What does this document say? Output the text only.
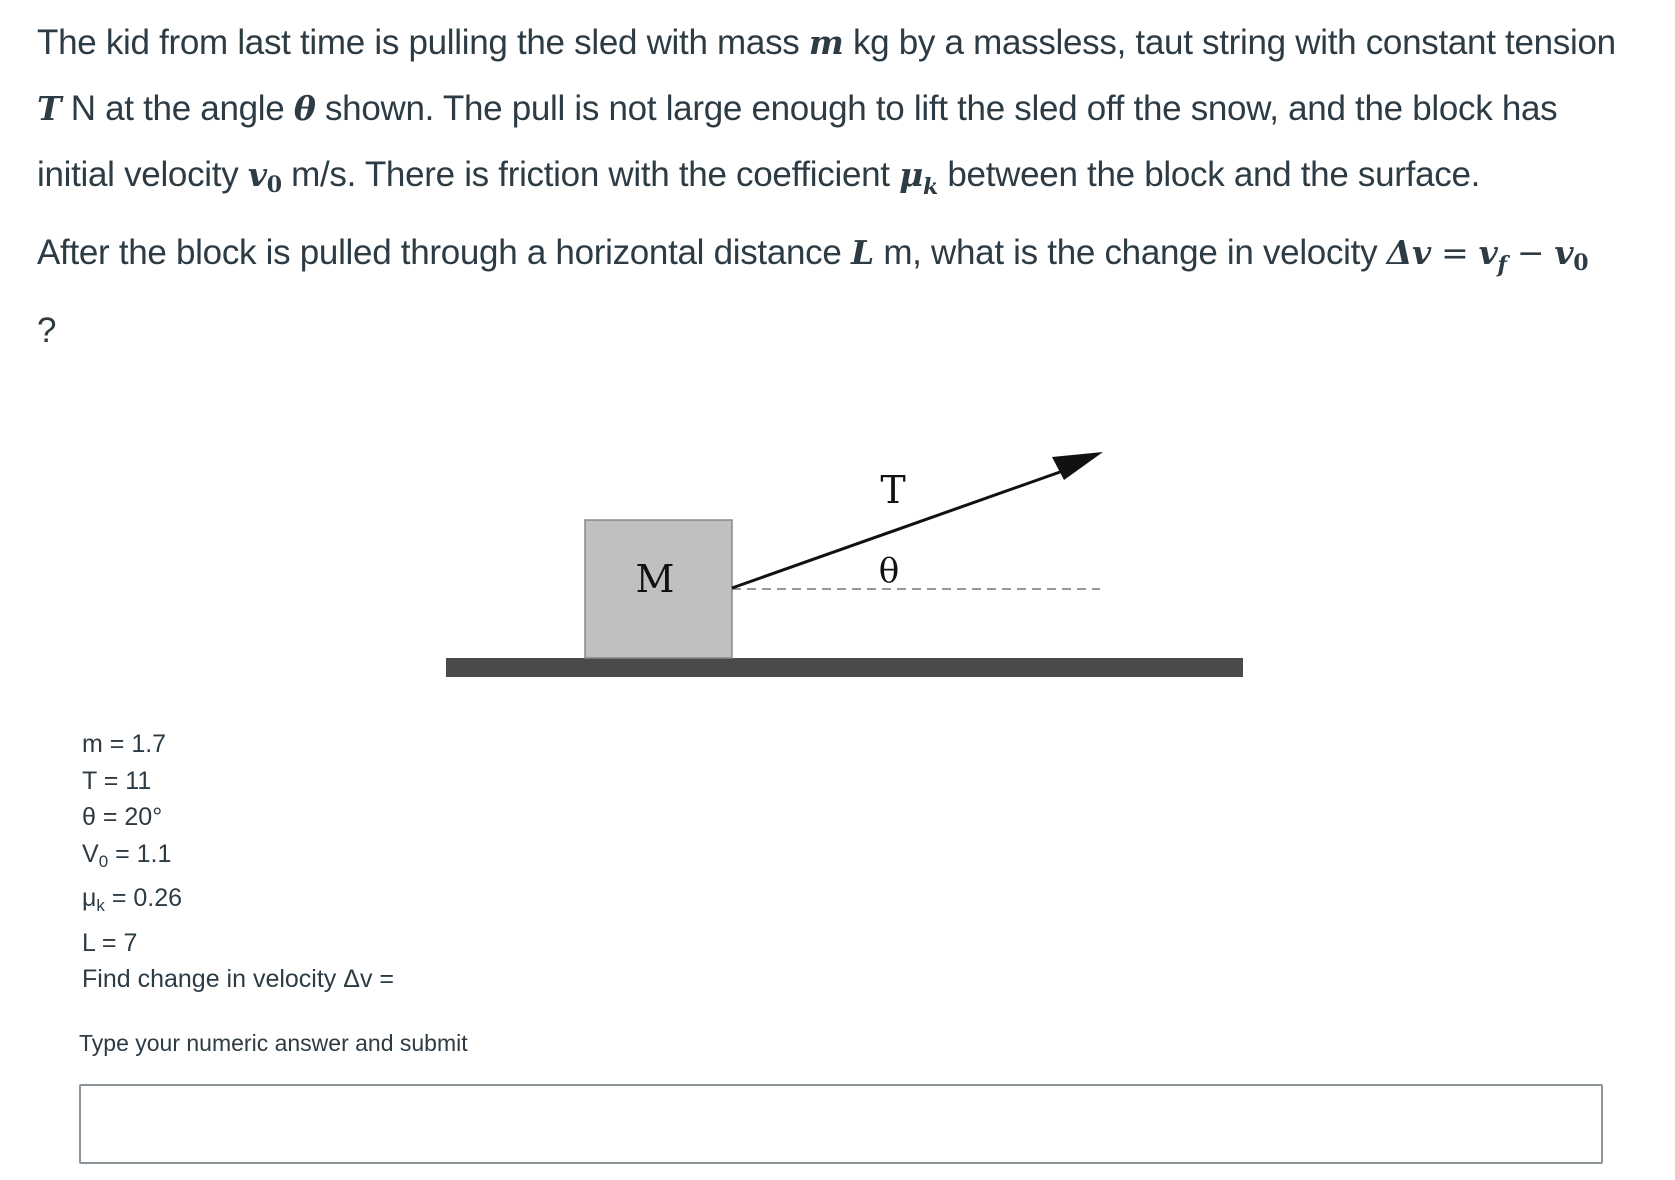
The kid from last time is pulling the sled with mass m kg by a massless, taut string with constant tension
T N at the angle θ shown. The pull is not large enough to lift the sled off the snow, and the block has
initial velocity $v_0$ m/s. There is friction with the coefficient $\mu_k$ between the block and the surface.
After the block is pulled through a horizontal distance L m, what is the change in velocity $\Delta v = v_f - v_0$
?
M
T
θ
m = 1.7
T = 11
θ = 20°
$V_0 = 1.1$
$\mu_k = 0.26$
L = 7
Find change in velocity Δv =
Type your numeric answer and submit
